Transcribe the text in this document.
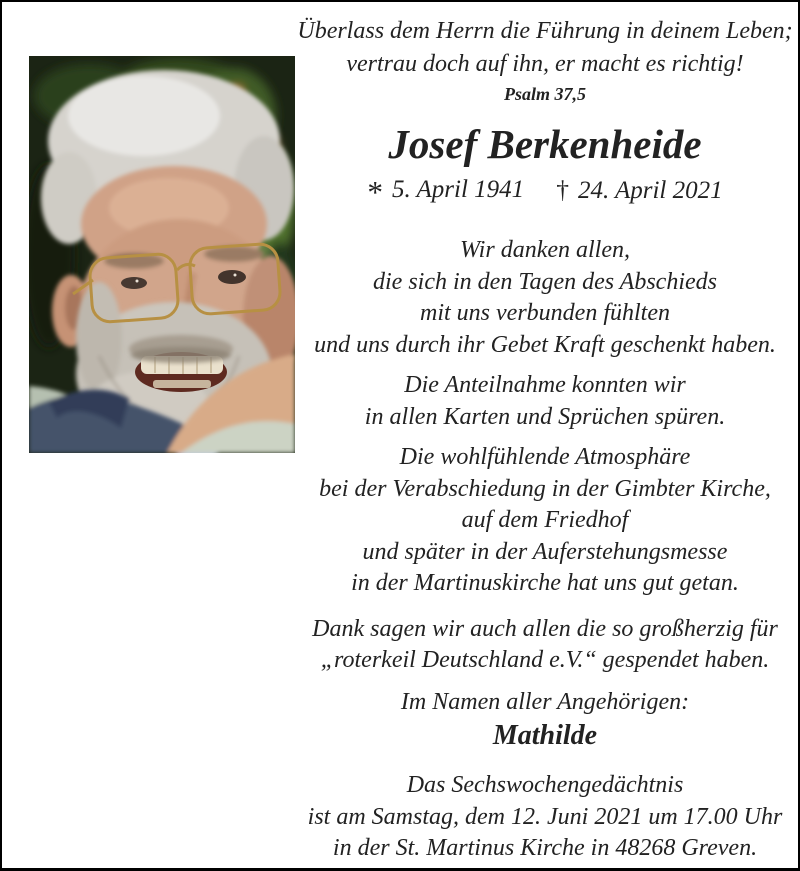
Überlass dem Herrn die Führung in deinem Leben;
vertrau doch auf ihn, er macht es richtig!
Psalm 37,5
Josef Berkenheide
* 5. April 1941 † 24. April 2021
Wir danken allen,
die sich in den Tagen des Abschieds
mit uns verbunden fühlten
und uns durch ihr Gebet Kraft geschenkt haben.
Die Anteilnahme konnten wir
in allen Karten und Sprüchen spüren.
Die wohlfühlende Atmosphäre
bei der Verabschiedung in der Gimbter Kirche,
auf dem Friedhof
und später in der Auferstehungsmesse
in der Martinuskirche hat uns gut getan.
Dank sagen wir auch allen die so großherzig für
„roterkeil Deutschland e.V.“ gespendet haben.
Im Namen aller Angehörigen:
Mathilde
Das Sechswochengedächtnis
ist am Samstag, dem 12. Juni 2021 um 17.00 Uhr
in der St. Martinus Kirche in 48268 Greven.
